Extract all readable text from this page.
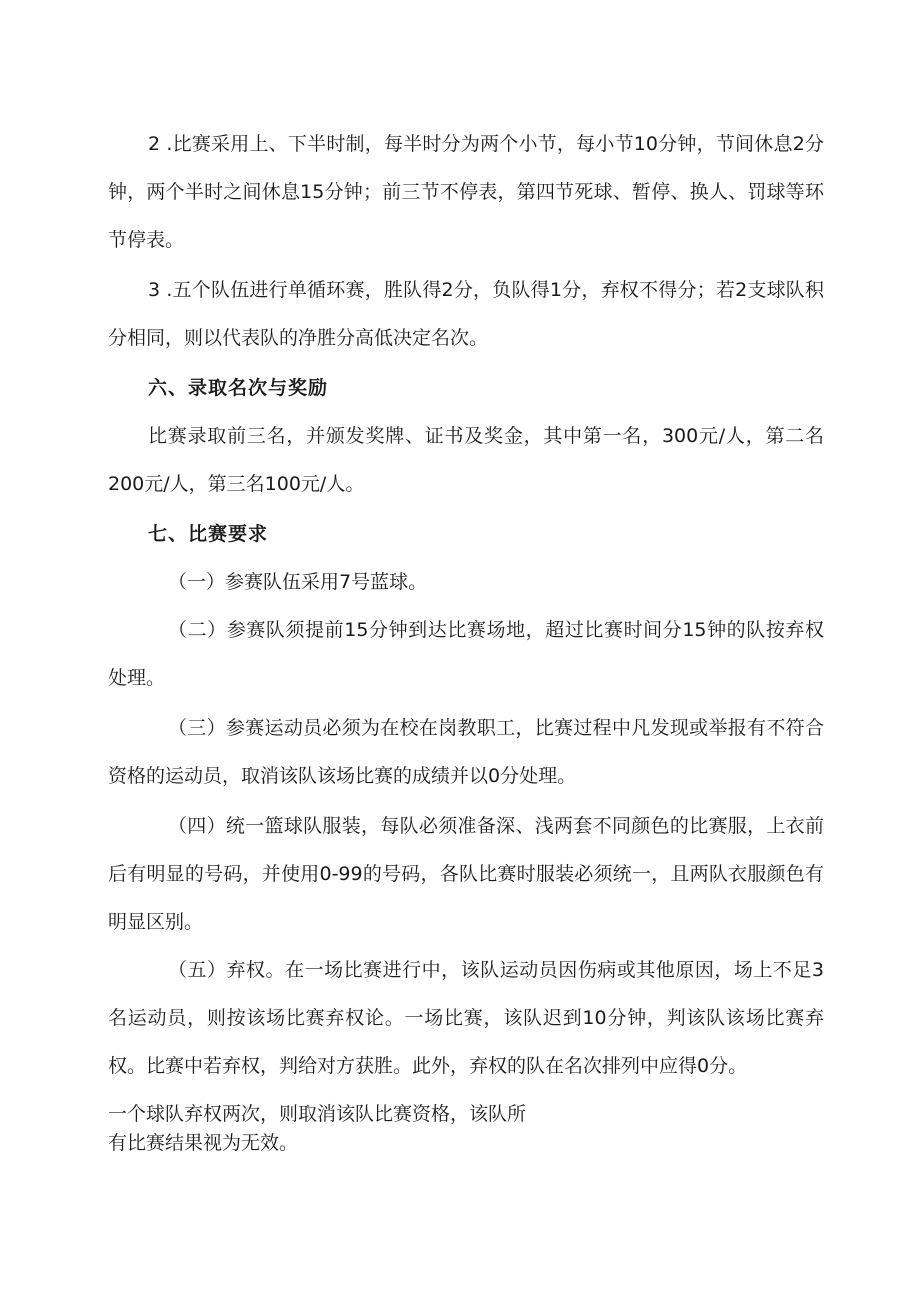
2 .比赛采用上、下半时制，每半时分为两个小节，每小节10分钟，节间休息2分钟，两个半时之间休息15分钟；前三节不停表，第四节死球、暂停、换人、罚球等环节停表。

3 .五个队伍进行单循环赛，胜队得2分，负队得1分，弃权不得分；若2支球队积分相同，则以代表队的净胜分高低决定名次。

六、录取名次与奖励

比赛录取前三名，并颁发奖牌、证书及奖金，其中第一名，300元/人，第二名200元/人，第三名100元/人。

七、比赛要求

（一）参赛队伍采用7号蓝球。

（二）参赛队须提前15分钟到达比赛场地，超过比赛时间分15钟的队按弃权处理。

（三）参赛运动员必须为在校在岗教职工，比赛过程中凡发现或举报有不符合资格的运动员，取消该队该场比赛的成绩并以0分处理。

（四）统一篮球队服装，每队必须准备深、浅两套不同颜色的比赛服，上衣前后有明显的号码，并使用0-99的号码，各队比赛时服装必须统一，且两队衣服颜色有明显区别。

（五）弃权。在一场比赛进行中，该队运动员因伤病或其他原因，场上不足3名运动员，则按该场比赛弃权论。一场比赛，该队迟到10分钟，判该队该场比赛弃权。比赛中若弃权，判给对方获胜。此外，弃权的队在名次排列中应得0分。

一个球队弃权两次，则取消该队比赛资格，该队所

有比赛结果视为无效。
